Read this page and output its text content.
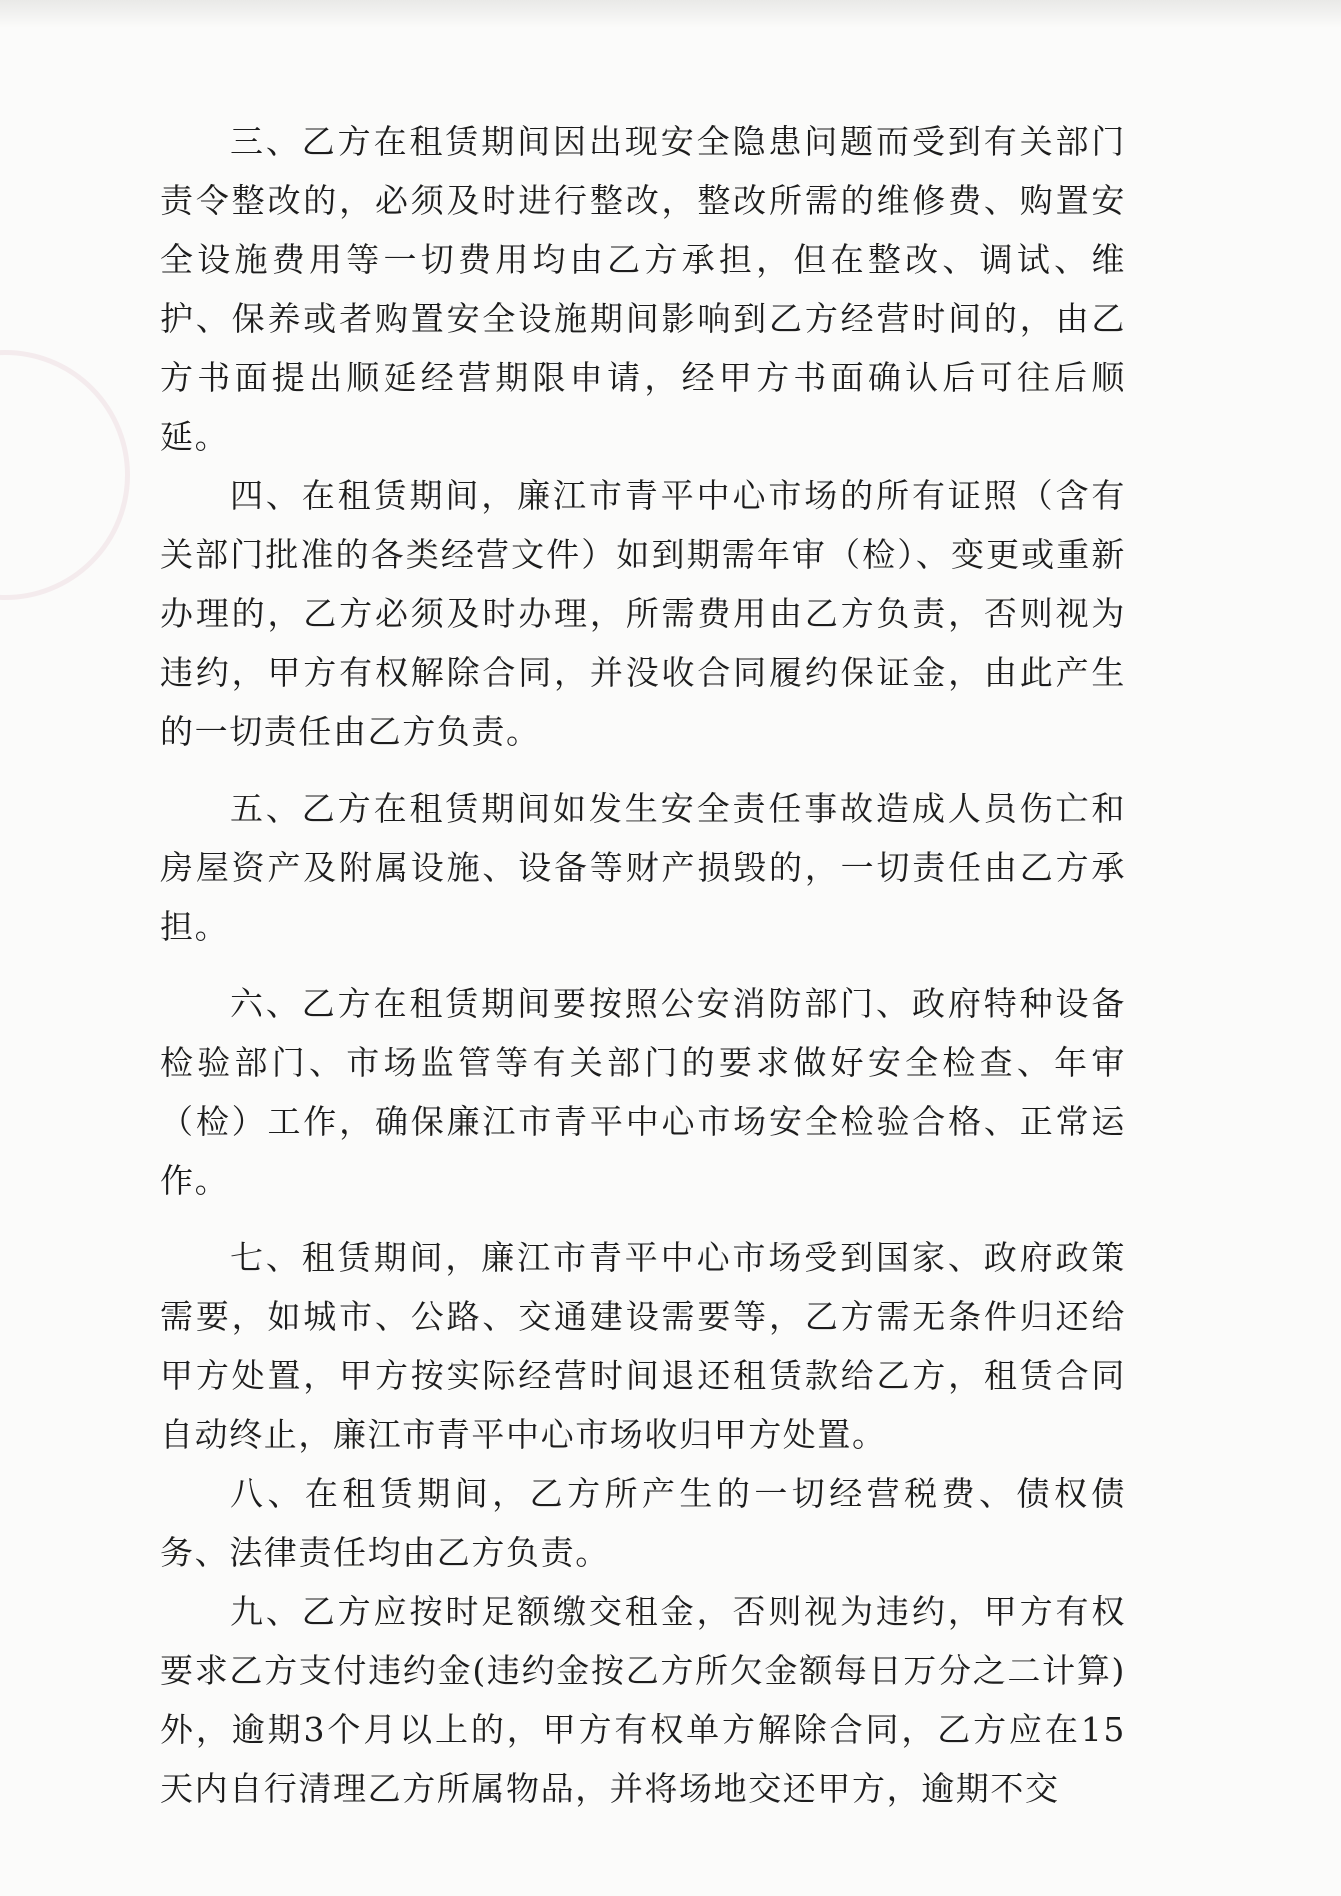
三、乙方在租赁期间因出现安全隐患问题而受到有关部门责令整改的，必须及时进行整改，整改所需的维修费、购置安全设施费用等一切费用均由乙方承担，但在整改、调试、维护、保养或者购置安全设施期间影响到乙方经营时间的，由乙方书面提出顺延经营期限申请，经甲方书面确认后可往后顺延。

四、在租赁期间，廉江市青平中心市场的所有证照（含有关部门批准的各类经营文件）如到期需年审（检）、变更或重新办理的，乙方必须及时办理，所需费用由乙方负责，否则视为违约，甲方有权解除合同，并没收合同履约保证金，由此产生的一切责任由乙方负责。

五、乙方在租赁期间如发生安全责任事故造成人员伤亡和房屋资产及附属设施、设备等财产损毁的，一切责任由乙方承担。

六、乙方在租赁期间要按照公安消防部门、政府特种设备检验部门、市场监管等有关部门的要求做好安全检查、年审（检）工作，确保廉江市青平中心市场安全检验合格、正常运作。

七、租赁期间，廉江市青平中心市场受到国家、政府政策需要，如城市、公路、交通建设需要等，乙方需无条件归还给甲方处置，甲方按实际经营时间退还租赁款给乙方，租赁合同自动终止，廉江市青平中心市场收归甲方处置。

八、在租赁期间，乙方所产生的一切经营税费、债权债务、法律责任均由乙方负责。

九、乙方应按时足额缴交租金，否则视为违约，甲方有权要求乙方支付违约金(违约金按乙方所欠金额每日万分之二计算)外，逾期3个月以上的，甲方有权单方解除合同，乙方应在15天内自行清理乙方所属物品，并将场地交还甲方，逾期不交
